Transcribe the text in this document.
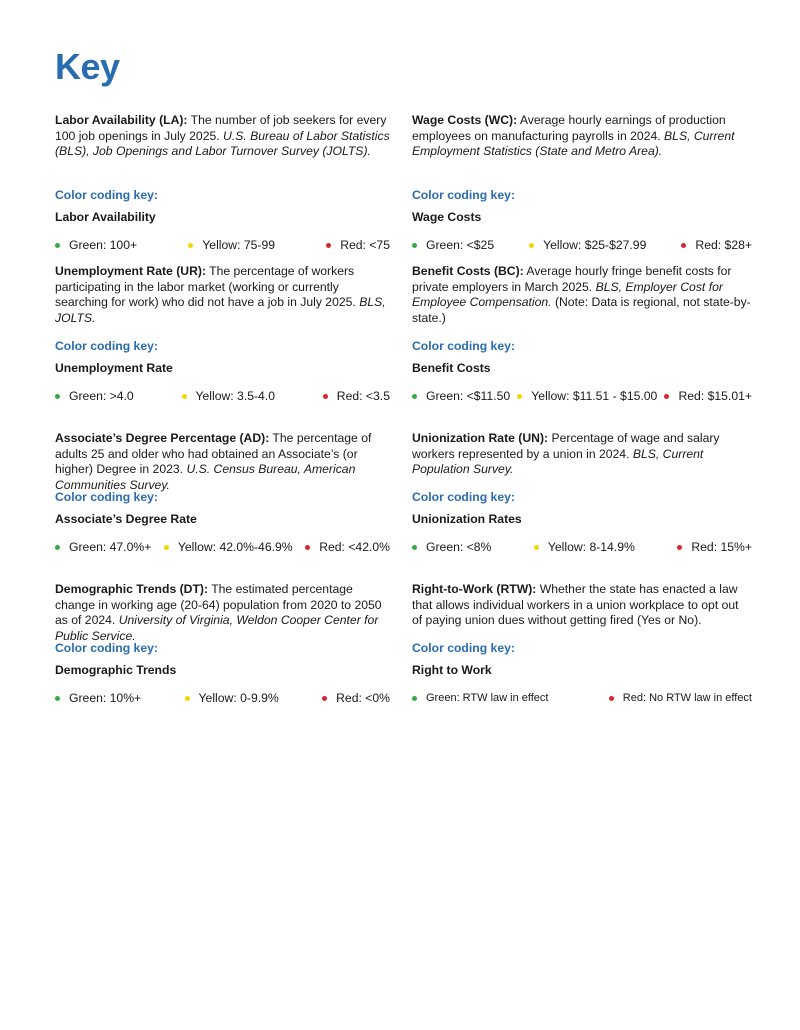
Key

Labor Availability (LA): The number of job seekers for every 100 job openings in July 2025. U.S. Bureau of Labor Statistics (BLS), Job Openings and Labor Turnover Survey (JOLTS).

Color coding key:
Labor Availability
Green: 100+	Yellow: 75-99	Red: <75

Wage Costs (WC): Average hourly earnings of production employees on manufacturing payrolls in 2024. BLS, Current Employment Statistics (State and Metro Area).

Color coding key:
Wage Costs
Green: <$25	Yellow: $25-$27.99	Red: $28+

Unemployment Rate (UR): The percentage of workers participating in the labor market (working or currently searching for work) who did not have a job in July 2025. BLS, JOLTS.

Color coding key:
Unemployment Rate
Green: >4.0	Yellow: 3.5-4.0	Red: <3.5

Benefit Costs (BC): Average hourly fringe benefit costs for private employers in March 2025. BLS, Employer Cost for Employee Compensation. (Note: Data is regional, not state-by-state.)

Color coding key:
Benefit Costs
Green: <$11.50 Yellow: $11.51 - $15.00 Red: $15.01+

Associate’s Degree Percentage (AD): The percentage of adults 25 and older who had obtained an Associate’s (or higher) Degree in 2023. U.S. Census Bureau, American Communities Survey.

Color coding key:
Associate’s Degree Rate
Green: 47.0%+ Yellow: 42.0%-46.9% Red: <42.0%

Unionization Rate (UN): Percentage of wage and salary workers represented by a union in 2024. BLS, Current Population Survey.

Color coding key:
Unionization Rates
Green: <8%	Yellow: 8-14.9%	Red: 15%+

Demographic Trends (DT): The estimated percentage change in working age (20-64) population from 2020 to 2050 as of 2024. University of Virginia, Weldon Cooper Center for Public Service.

Color coding key:
Demographic Trends
Green: 10%+	Yellow: 0-9.9%	Red: <0%

Right-to-Work (RTW): Whether the state has enacted a law that allows individual workers in a union workplace to opt out of paying union dues without getting fired (Yes or No).

Color coding key:
Right to Work
Green: RTW law in effect	Red: No RTW law in effect
